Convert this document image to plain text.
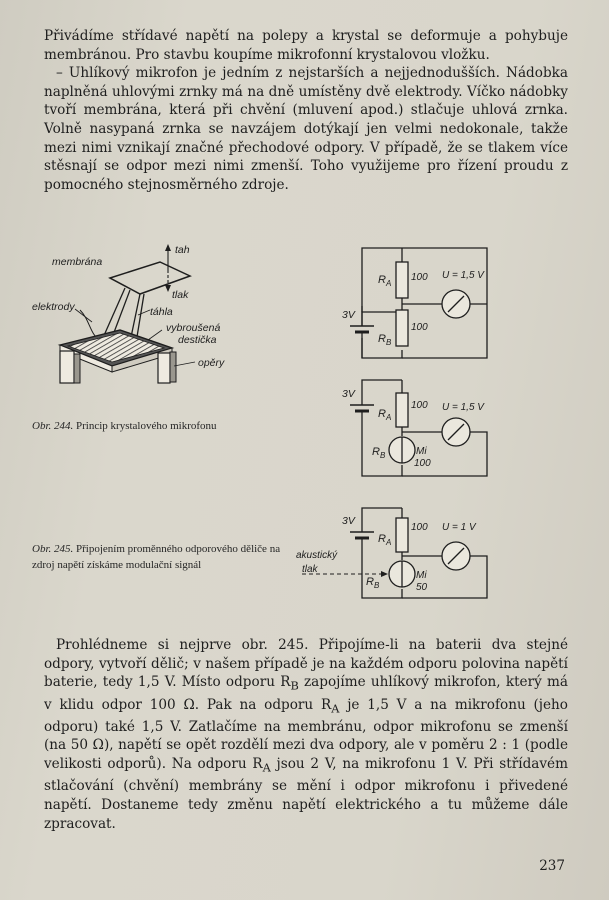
Přivádíme střídavé napětí na polepy a krystal se deformuje a pohybuje membránou. Pro stavbu koupíme mikrofonní krystalovou vložku.

– Uhlíkový mikrofon je jedním z nejstarších a nejjednodušších. Nádobka naplněná uhlovými zrnky má na dně umístěny dvě elektrody. Víčko nádobky tvoří membrána, která při chvění (mluvení apod.) stlačuje uhlová zrnka. Volně nasypaná zrnka se navzájem dotýkají jen velmi nedokonale, takže mezi nimi vznikají značné přechodové odpory. V případě, že se tlakem více stěsnají se odpor mezi nimi zmenší. Toho využijeme pro řízení proudu z pomocného stejnosměrného zdroje.

membrána
tah
tlak
elektrody	táhla
vybroušená
destička
opěry
Obr. 244. Princip krystalového mikrofonu
3V
$R_A$
100
$R_B$
100
U = 1,5 V
3V
$R_A$
100
$R_B$	Mi
100
U = 1,5 V
3V
$R_A$
100
$R_B$
Mi
50
U = 1 V
akustický
tlak
Obr. 245. Připojením proměnného odporového děliče na zdroj napětí získáme modulační signál

Prohlédneme si nejprve obr. 245. Připojíme-li na baterii dva stejné odpory, vytvoří dělič; v našem případě je na každém odporu polovina napětí baterie, tedy 1,5 V. Místo odporu $R_B$ zapojíme uhlíkový mikrofon, který má v klidu odpor 100 Ω. Pak na odporu $R_A$ je 1,5 V a na mikrofonu (jeho odporu) také 1,5 V. Zatlačíme na membránu, odpor mikrofonu se zmenší (na 50 Ω), napětí se opět rozdělí mezi dva odpory, ale v poměru 2 : 1 (podle velikosti odporů). Na odporu $R_A$ jsou 2 V, na mikrofonu 1 V. Při střídavém stlačování (chvění) membrány se mění i odpor mikrofonu i přivedené napětí. Dostaneme tedy změnu napětí elektrického a tu můžeme dále zpracovat.

237
